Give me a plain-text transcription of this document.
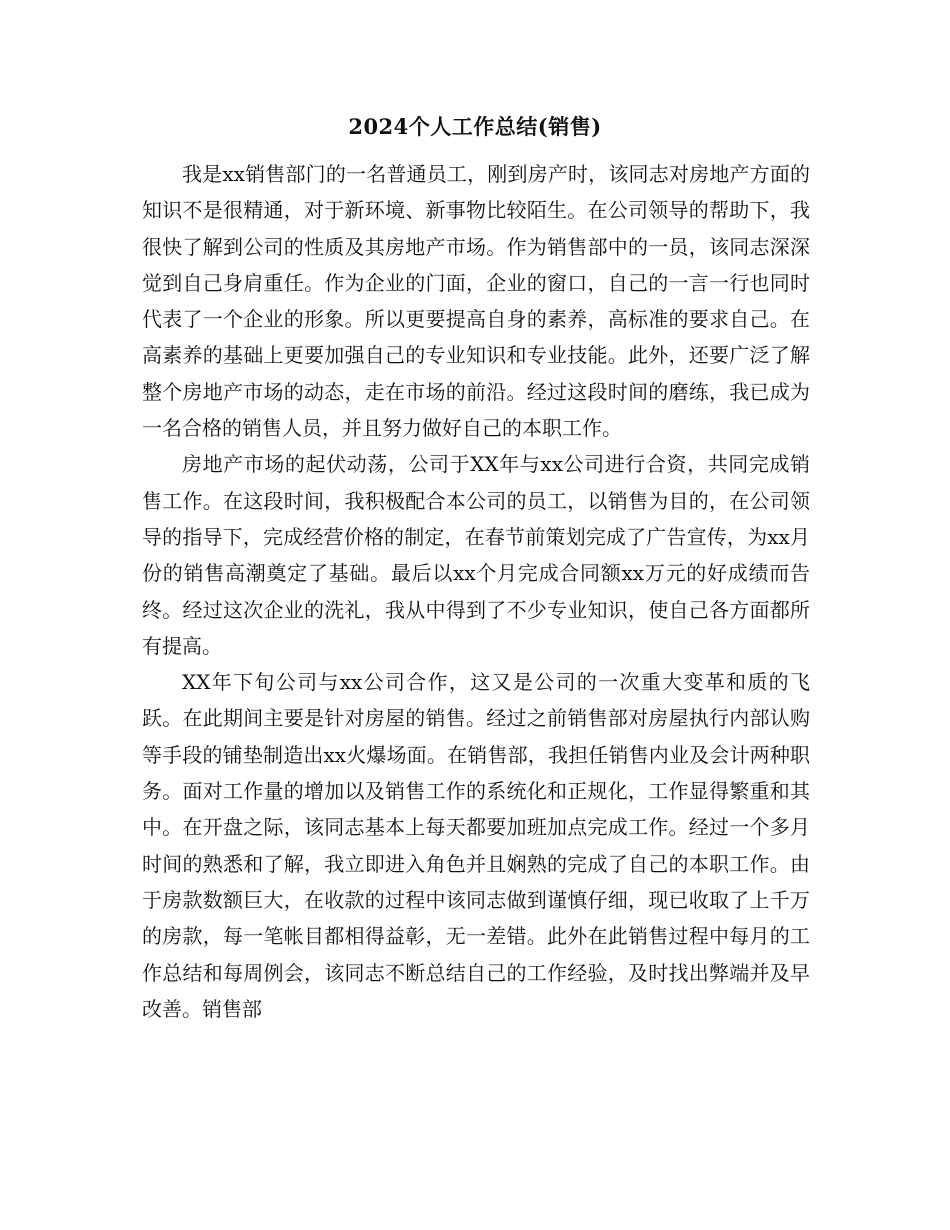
2024个人工作总结(销售)

我是xx销售部门的一名普通员工，刚到房产时，该同志对房地产方面的知识不是很精通，对于新环境、新事物比较陌生。在公司领导的帮助下，我很快了解到公司的性质及其房地产市场。作为销售部中的一员，该同志深深觉到自己身肩重任。作为企业的门面，企业的窗口，自己的一言一行也同时代表了一个企业的形象。所以更要提高自身的素养，高标准的要求自己。在高素养的基础上更要加强自己的专业知识和专业技能。此外，还要广泛了解整个房地产市场的动态，走在市场的前沿。经过这段时间的磨练，我已成为一名合格的销售人员，并且努力做好自己的本职工作。

房地产市场的起伏动荡，公司于XX年与xx公司进行合资，共同完成销售工作。在这段时间，我积极配合本公司的员工，以销售为目的，在公司领导的指导下，完成经营价格的制定，在春节前策划完成了广告宣传，为xx月份的销售高潮奠定了基础。最后以xx个月完成合同额xx万元的好成绩而告终。经过这次企业的洗礼，我从中得到了不少专业知识，使自己各方面都所有提高。

XX年下旬公司与xx公司合作，这又是公司的一次重大变革和质的飞跃。在此期间主要是针对房屋的销售。经过之前销售部对房屋执行内部认购等手段的铺垫制造出xx火爆场面。在销售部，我担任销售内业及会计两种职务。面对工作量的增加以及销售工作的系统化和正规化，工作显得繁重和其中。在开盘之际，该同志基本上每天都要加班加点完成工作。经过一个多月时间的熟悉和了解，我立即进入角色并且娴熟的完成了自己的本职工作。由于房款数额巨大，在收款的过程中该同志做到谨慎仔细，现已收取了上千万的房款，每一笔帐目都相得益彰，无一差错。此外在此销售过程中每月的工作总结和每周例会，该同志不断总结自己的工作经验，及时找出弊端并及早改善。销售部
